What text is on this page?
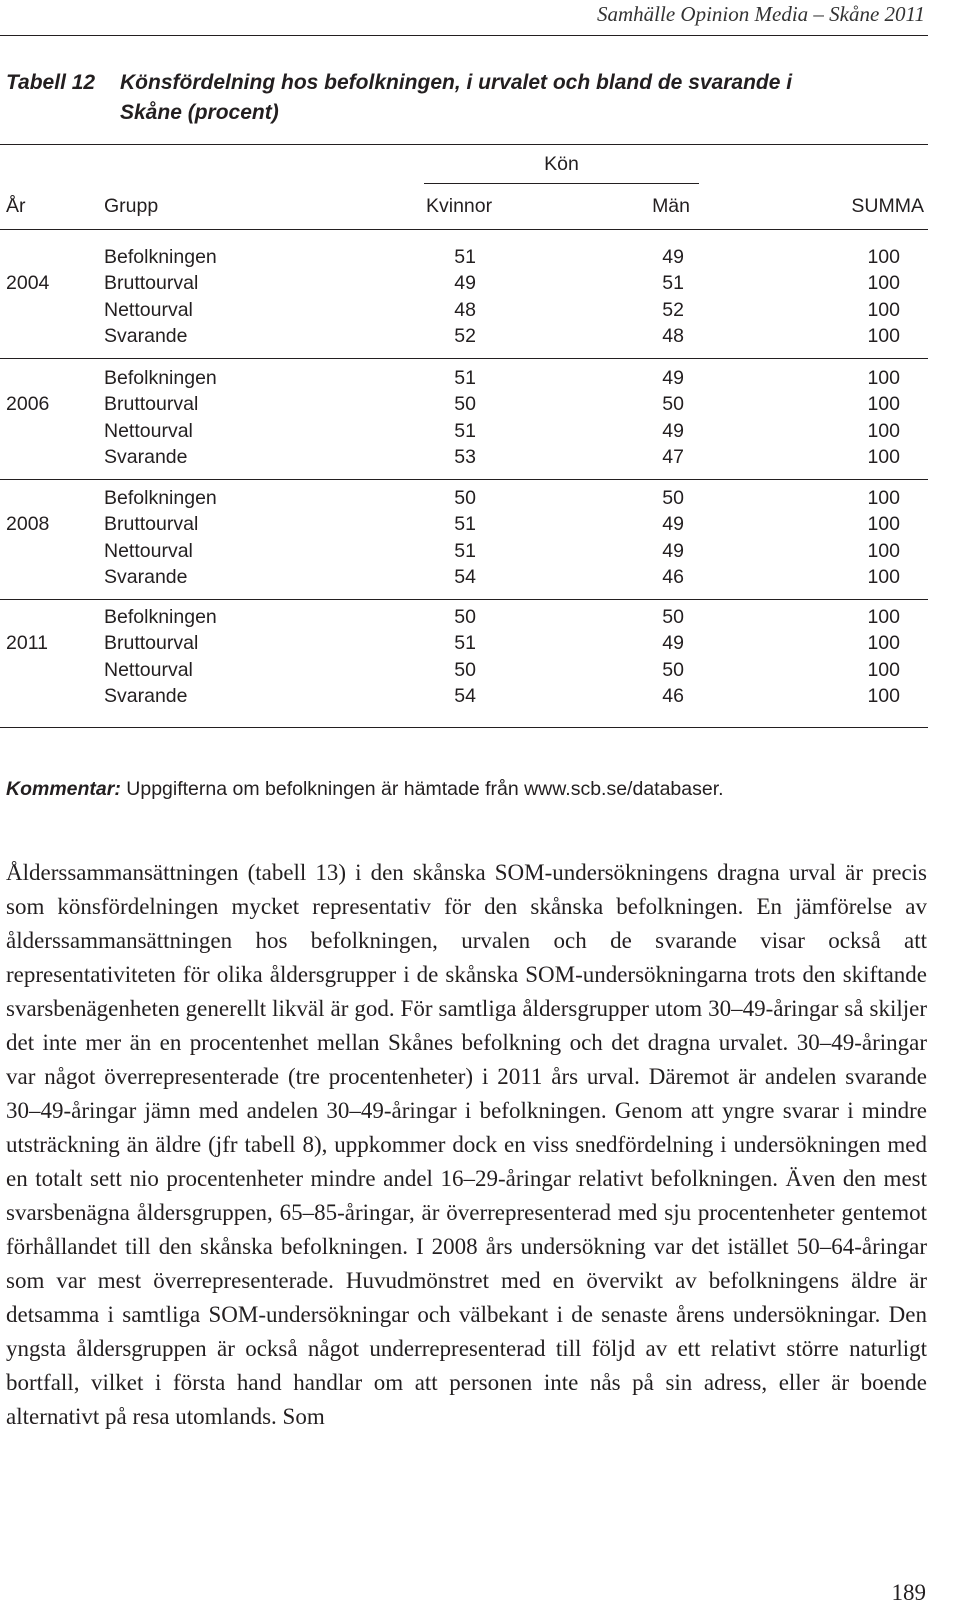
Samhälle Opinion Media – Skåne 2011
Tabell 12 Könsfördelning hos befolkningen, i urvalet och bland de svarande i
Skåne (procent)
Kön
År	Grupp	Kvinnor	Män	SUMMA
2004
Befolkningen	51	49	100
Bruttourval	49	51	100
Nettourval	48	52	100
Svarande	52	48	100
2006
Befolkningen	51	49	100
Bruttourval	50	50	100
Nettourval	51	49	100
Svarande	53	47	100
2008
Befolkningen	50	50	100
Bruttourval	51	49	100
Nettourval	51	49	100
Svarande	54	46	100
2011
Befolkningen	50	50	100
Bruttourval	51	49	100
Nettourval	50	50	100
Svarande	54	46	100
Kommentar: Uppgifterna om befolkningen är hämtade från www.scb.se/databaser.
Ålderssammansättningen (tabell 13) i den skånska SOM-undersökningens dragna urval är precis som könsfördelningen mycket representativ för den skånska befolkningen. En jämförelse av ålderssammansättningen hos befolkningen, urvalen och de svarande visar också att representativiteten för olika åldersgrupper i de skånska SOM-undersökningarna trots den skiftande svarsbenägenheten generellt likväl är god. För samtliga åldersgrupper utom 30–49-åringar så skiljer det inte mer än en procentenhet mellan Skånes befolkning och det dragna urvalet. 30–49-åringar var något överrepresenterade (tre procentenheter) i 2011 års urval. Däremot är andelen svarande 30–49-åringar jämn med andelen 30–49-åringar i befolkningen. Genom att yngre svarar i mindre utsträckning än äldre (jfr tabell 8), uppkommer dock en viss snedfördelning i undersökningen med en totalt sett nio procentenheter mindre andel 16–29-åringar relativt befolkningen. Även den mest svarsbenägna åldersgruppen, 65–85-åringar, är överrepresenterad med sju procentenheter gentemot förhållandet till den skånska befolkningen. I 2008 års undersökning var det istället 50–64-åringar som var mest överrepresenterade. Huvudmönstret med en övervikt av befolkningens äldre är detsamma i samtliga SOM-undersökningar och välbekant i de senaste årens undersökningar. Den yngsta åldersgruppen är också något underrepresenterad till följd av ett relativt större naturligt bortfall, vilket i första hand handlar om att personen inte nås på sin adress, eller är boende alternativt på resa utomlands. Som
189
